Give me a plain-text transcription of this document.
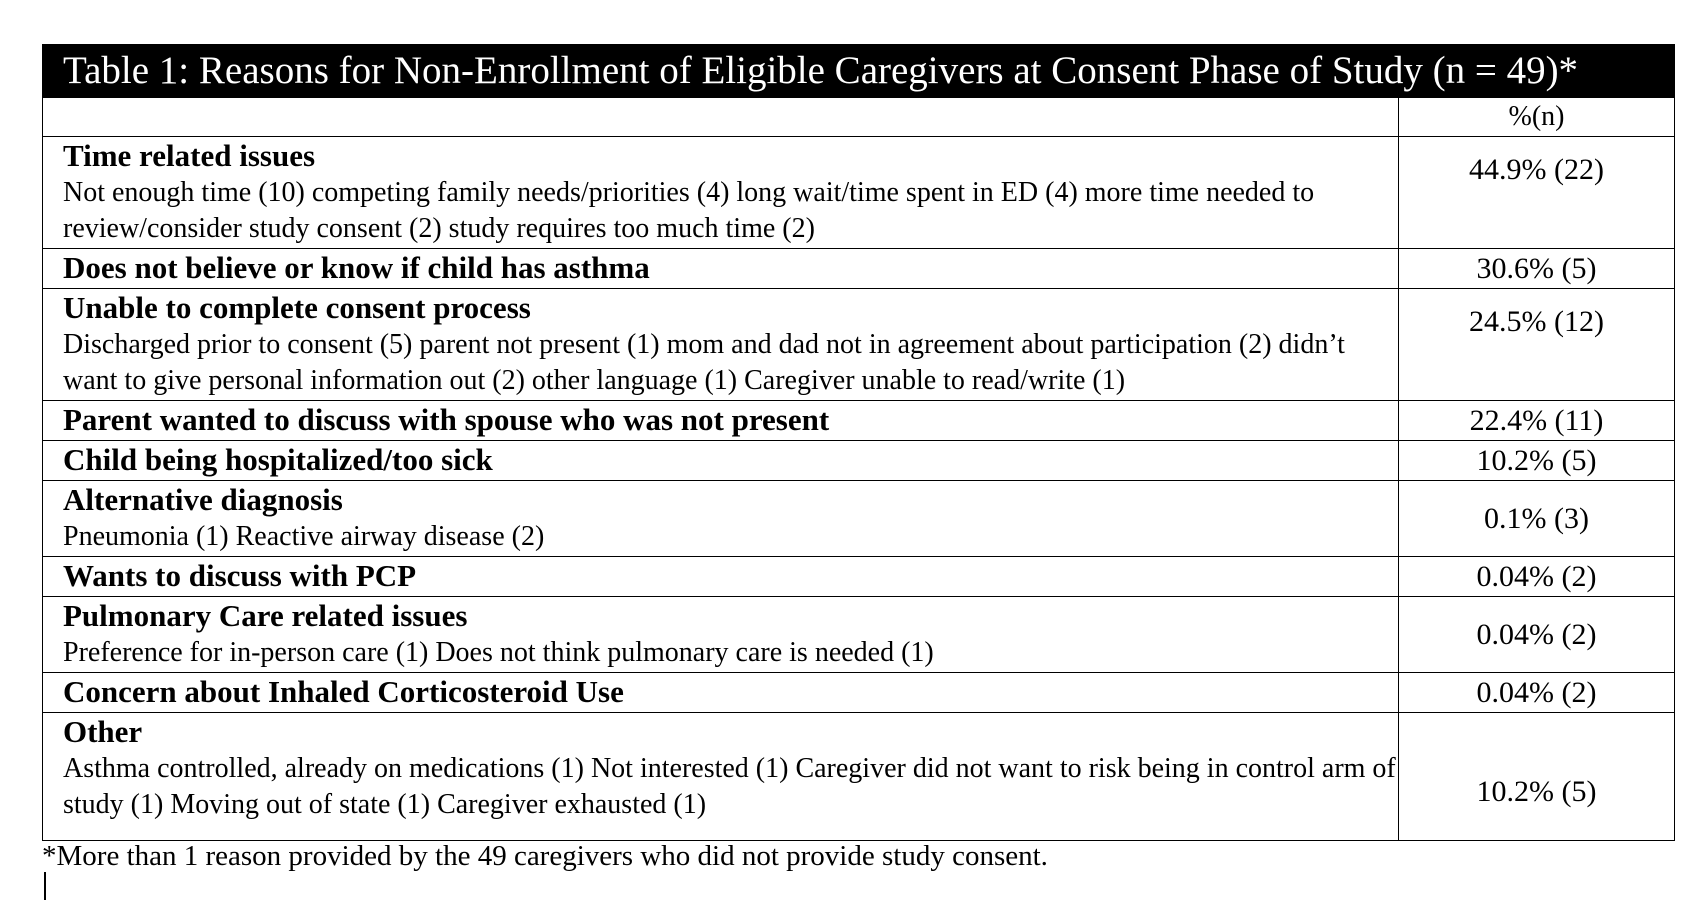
Table 1: Reasons for Non-Enrollment of Eligible Caregivers at Consent Phase of Study (n = 49)*	
	%(n)

Time related issues
Not enough time (10) competing family needs/priorities (4) long wait/time spent in ED (4) more time needed to review/consider study consent (2) study requires too much time (2)	44.9% (22)

Does not believe or know if child has asthma	30.6% (5)

Unable to complete consent process
Discharged prior to consent (5) parent not present (1) mom and dad not in agreement about participation (2) didn’t want to give personal information out (2) other language (1) Caregiver unable to read/write (1)	24.5% (12)

Parent wanted to discuss with spouse who was not present	22.4% (11)

Child being hospitalized/too sick	10.2% (5)

Alternative diagnosis
Pneumonia (1) Reactive airway disease (2)	0.1% (3)

Wants to discuss with PCP	0.04% (2)

Pulmonary Care related issues
Preference for in-person care (1) Does not think pulmonary care is needed (1)	0.04% (2)

Concern about Inhaled Corticosteroid Use	0.04% (2)

Other
Asthma controlled, already on medications (1) Not interested (1) Caregiver did not want to risk being in control arm of study (1) Moving out of state (1) Caregiver exhausted (1)	10.2% (5)
*More than 1 reason provided by the 49 caregivers who did not provide study consent.
